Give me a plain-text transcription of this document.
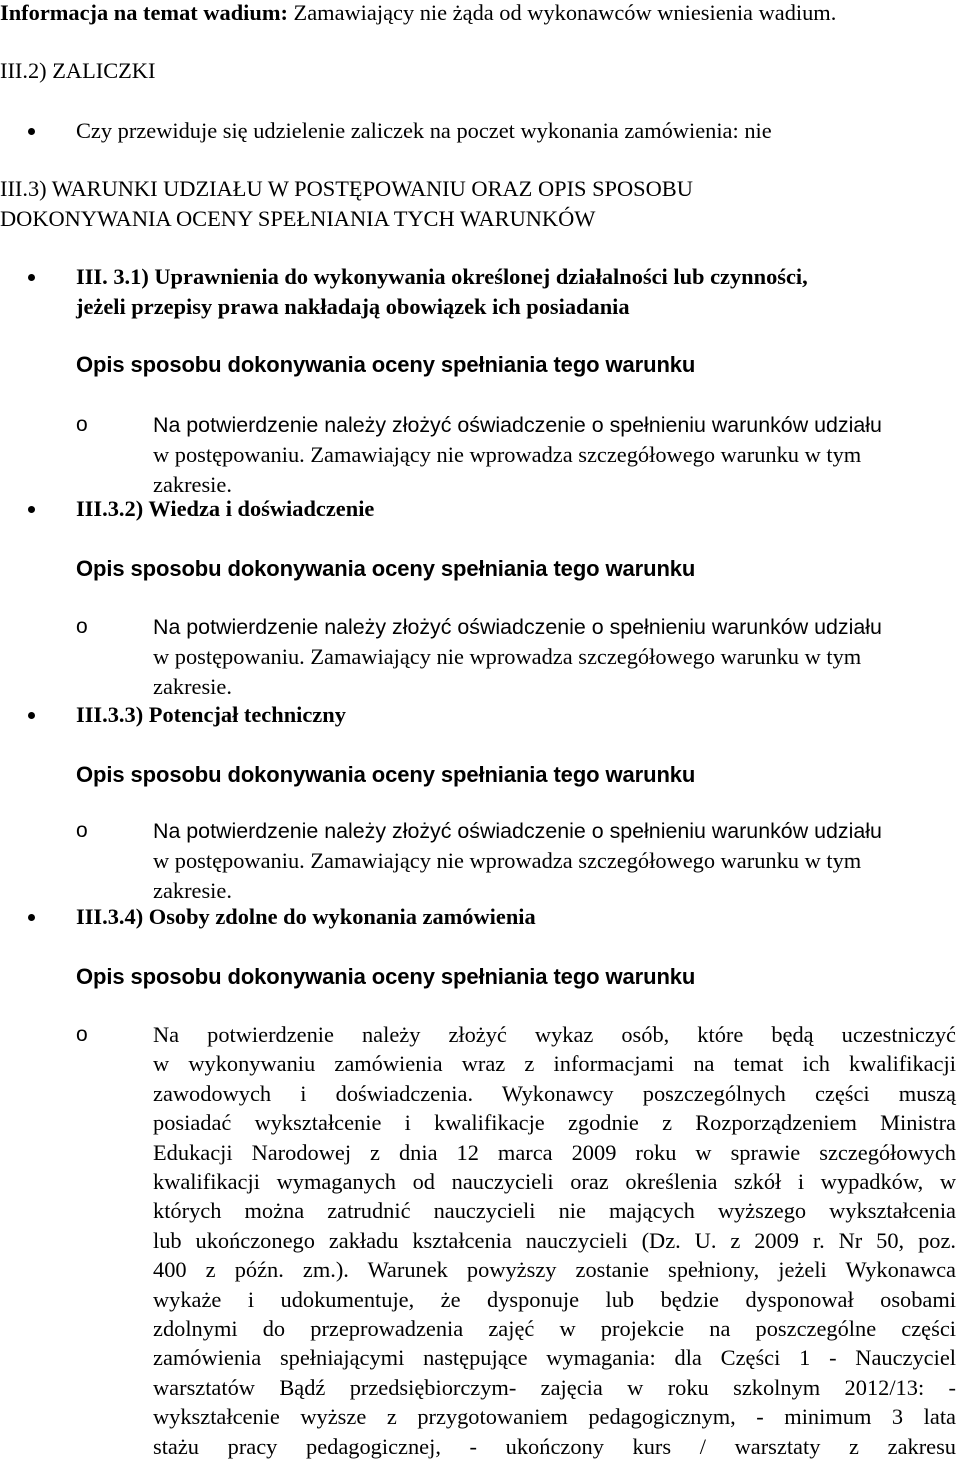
Informacja na temat wadium: Zamawiający nie żąda od wykonawców wniesienia wadium.

III.2) ZALICZKI

Czy przewiduje się udzielenie zaliczek na poczet wykonania zamówienia: nie

III.3) WARUNKI UDZIAŁU W POSTĘPOWANIU ORAZ OPIS SPOSOBU

DOKONYWANIA OCENY SPEŁNIANIA TYCH WARUNKÓW

III. 3.1) Uprawnienia do wykonywania określonej działalności lub czynności,

jeżeli przepisy prawa nakładają obowiązek ich posiadania

Opis sposobu dokonywania oceny spełniania tego warunku

o	Na potwierdzenie należy złożyć oświadczenie o spełnieniu warunków udziału

w postępowaniu. Zamawiający nie wprowadza szczegółowego warunku w tym

zakresie.

III.3.2) Wiedza i doświadczenie

Opis sposobu dokonywania oceny spełniania tego warunku

o	Na potwierdzenie należy złożyć oświadczenie o spełnieniu warunków udziału

w postępowaniu. Zamawiający nie wprowadza szczegółowego warunku w tym

zakresie.

III.3.3) Potencjał techniczny

Opis sposobu dokonywania oceny spełniania tego warunku

o	Na potwierdzenie należy złożyć oświadczenie o spełnieniu warunków udziału

w postępowaniu. Zamawiający nie wprowadza szczegółowego warunku w tym

zakresie.

III.3.4) Osoby zdolne do wykonania zamówienia

Opis sposobu dokonywania oceny spełniania tego warunku

o	Na potwierdzenie należy złożyć wykaz osób, które będą uczestniczyć

w wykonywaniu zamówienia wraz z informacjami na temat ich kwalifikacji

zawodowych i doświadczenia. Wykonawcy poszczególnych części muszą

posiadać wykształcenie i kwalifikacje zgodnie z Rozporządzeniem Ministra

Edukacji Narodowej z dnia 12 marca 2009 roku w sprawie szczegółowych

kwalifikacji wymaganych od nauczycieli oraz określenia szkół i wypadków, w

których można zatrudnić nauczycieli nie mających wyższego wykształcenia

lub ukończonego zakładu kształcenia nauczycieli (Dz. U. z 2009 r. Nr 50, poz.

400 z późn. zm.). Warunek powyższy zostanie spełniony, jeżeli Wykonawca

wykaże i udokumentuje, że dysponuje lub będzie dysponował osobami

zdolnymi do przeprowadzenia zajęć w projekcie na poszczególne części

zamówienia spełniającymi następujące wymagania: dla Części 1 - Nauczyciel

warsztatów Bądź przedsiębiorczym- zajęcia w roku szkolnym 2012/13: -

wykształcenie wyższe z przygotowaniem pedagogicznym, - minimum 3 lata

stażu pracy pedagogicznej, - ukończony kurs / warsztaty z zakresu
